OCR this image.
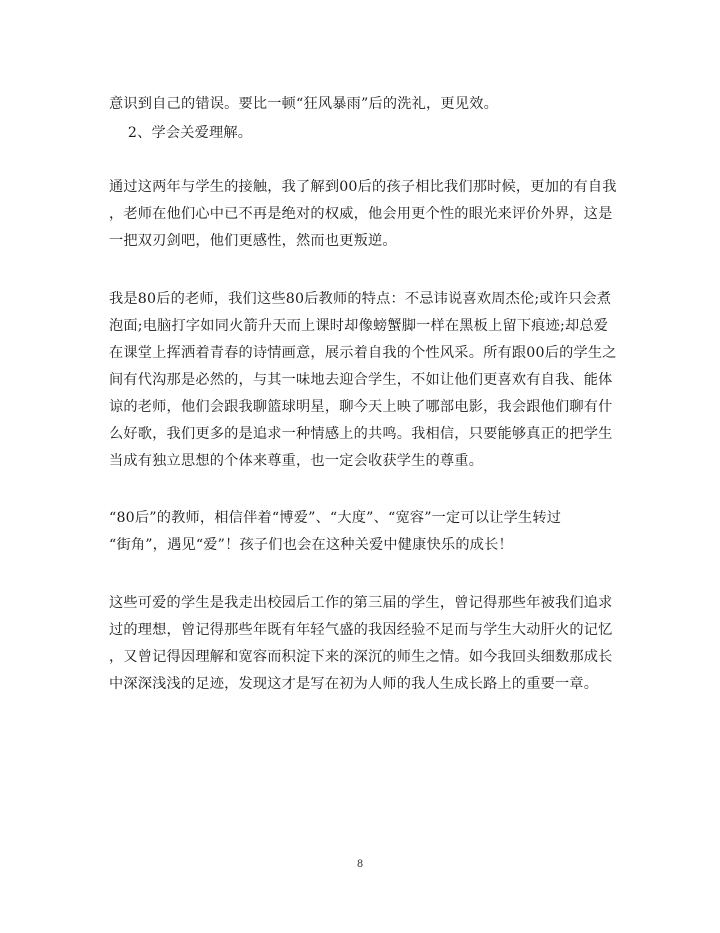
意识到自己的错误。要比一顿“狂风暴雨”后的洗礼，更见效。
2、学会关爱理解。
通过这两年与学生的接触，我了解到00后的孩子相比我们那时候，更加的有自我
，老师在他们心中已不再是绝对的权威，他会用更个性的眼光来评价外界，这是
一把双刃剑吧，他们更感性，然而也更叛逆。
我是80后的老师，我们这些80后教师的特点：不忌讳说喜欢周杰伦;或许只会煮
泡面;电脑打字如同火箭升天而上课时却像螃蟹脚一样在黑板上留下痕迹;却总爱
在课堂上挥洒着青春的诗情画意，展示着自我的个性风采。所有跟00后的学生之
间有代沟那是必然的，与其一味地去迎合学生，不如让他们更喜欢有自我、能体
谅的老师，他们会跟我聊篮球明星，聊今天上映了哪部电影，我会跟他们聊有什
么好歌，我们更多的是追求一种情感上的共鸣。我相信，只要能够真正的把学生
当成有独立思想的个体来尊重，也一定会收获学生的尊重。
“80后”的教师，相信伴着“博爱”、“大度”、“宽容”一定可以让学生转过
“街角”，遇见“爱”！孩子们也会在这种关爱中健康快乐的成长！
这些可爱的学生是我走出校园后工作的第三届的学生，曾记得那些年被我们追求
过的理想，曾记得那些年既有年轻气盛的我因经验不足而与学生大动肝火的记忆
，又曾记得因理解和宽容而积淀下来的深沉的师生之情。如今我回头细数那成长
中深深浅浅的足迹，发现这才是写在初为人师的我人生成长路上的重要一章。
8
